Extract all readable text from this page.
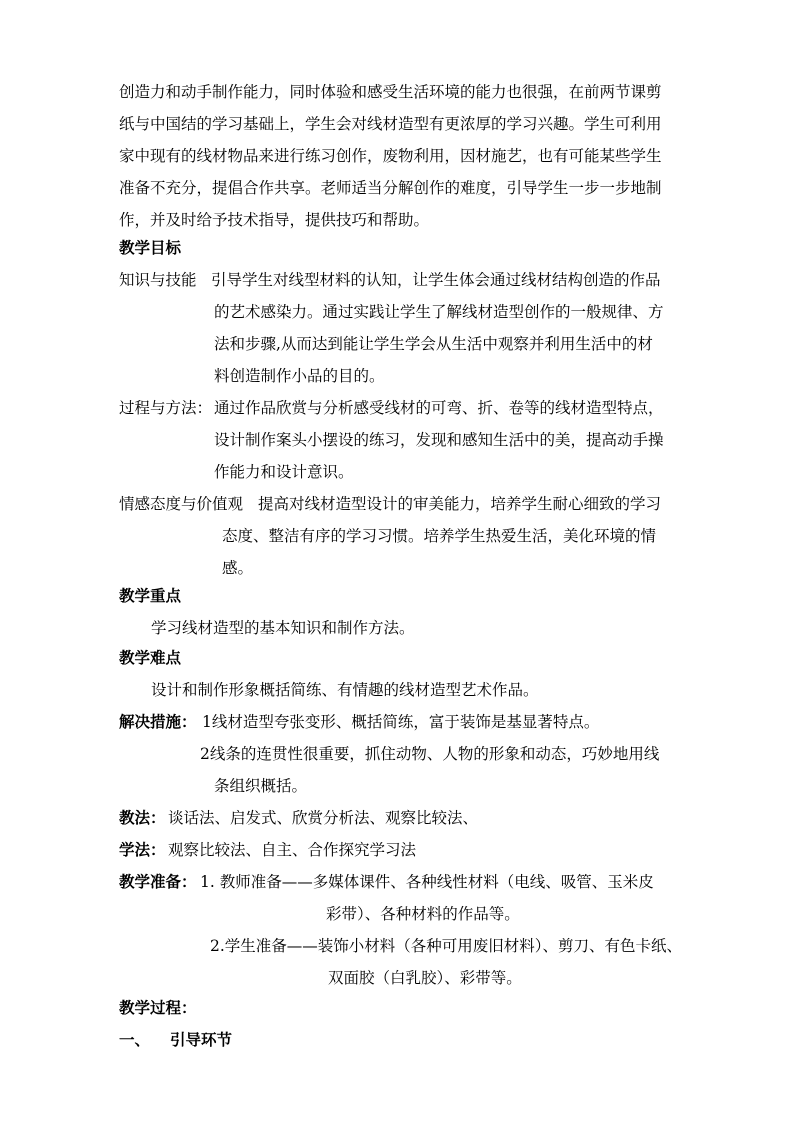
创造力和动手制作能力，同时体验和感受生活环境的能力也很强，在前两节课剪
纸与中国结的学习基础上，学生会对线材造型有更浓厚的学习兴趣。学生可利用
家中现有的线材物品来进行练习创作，废物利用，因材施艺，也有可能某些学生
准备不充分，提倡合作共享。老师适当分解创作的难度，引导学生一步一步地制
作，并及时给予技术指导，提供技巧和帮助。
教学目标
知识与技能 引导学生对线型材料的认知，让学生体会通过线材结构创造的作品
的艺术感染力。通过实践让学生了解线材造型创作的一般规律、方
法和步骤,从而达到能让学生学会从生活中观察并利用生活中的材
料创造制作小品的目的。
过程与方法： 通过作品欣赏与分析感受线材的可弯、折、卷等的线材造型特点，
设计制作案头小摆设的练习，发现和感知生活中的美，提高动手操
作能力和设计意识。
情感态度与价值观 提高对线材造型设计的审美能力，培养学生耐心细致的学习
态度、整洁有序的学习习惯。培养学生热爱生活，美化环境的情
感。
教学重点
学习线材造型的基本知识和制作方法。
教学难点
设计和制作形象概括简练、有情趣的线材造型艺术作品。
解决措施： 1线材造型夸张变形、概括简练，富于装饰是基显著特点。
2线条的连贯性很重要，抓住动物、人物的形象和动态，巧妙地用线
条组织概括。
教法： 谈话法、启发式、欣赏分析法、观察比较法、
学法： 观察比较法、自主、合作探究学习法
教学准备： 1. 教师准备——多媒体课件、各种线性材料（电线、吸管、玉米皮
彩带）、各种材料的作品等。
2.学生准备——装饰小材料（各种可用废旧材料）、剪刀、有色卡纸、
双面胶（白乳胶）、彩带等。
教学过程：
一、 引导环节
